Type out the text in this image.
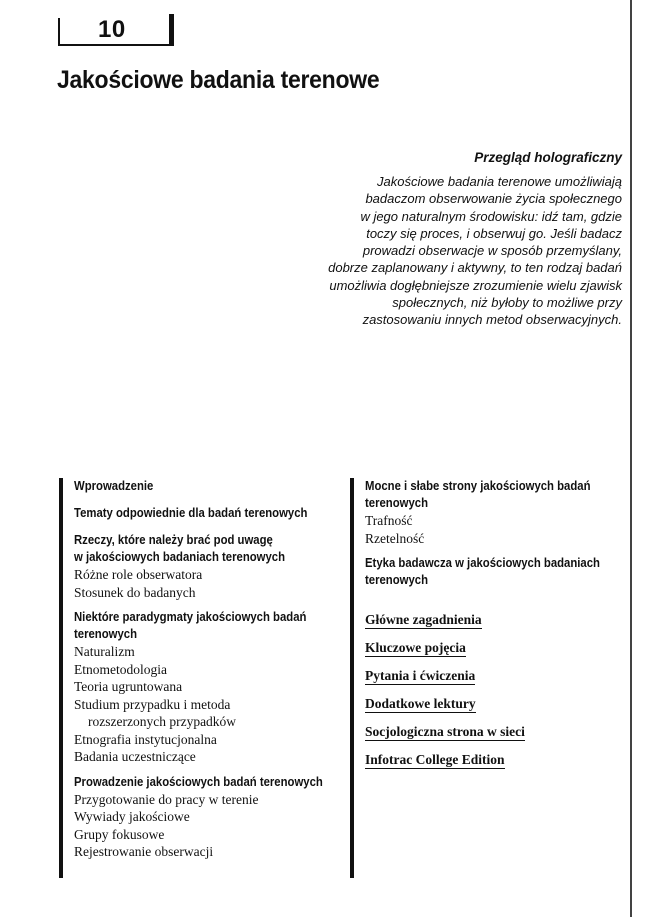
10
Jakościowe badania terenowe

Przegląd holograficzny

Jakościowe badania terenowe umożliwiają
badaczom obserwowanie życia społecznego
w jego naturalnym środowisku: idź tam, gdzie
toczy się proces, i obserwuj go. Jeśli badacz
prowadzi obserwacje w sposób przemyślany,
dobrze zaplanowany i aktywny, to ten rodzaj badań
umożliwia dogłębniejsze zrozumienie wielu zjawisk
społecznych, niż byłoby to możliwe przy
zastosowaniu innych metod obserwacyjnych.

Wprowadzenie

Tematy odpowiednie dla badań terenowych

Rzeczy, które należy brać pod uwagę

w jakościowych badaniach terenowych

Różne role obserwatora

Stosunek do badanych

Niektóre paradygmaty jakościowych badań

terenowych

Naturalizm

Etnometodologia

Teoria ugruntowana

Studium przypadku i metoda

rozszerzonych przypadków

Etnografia instytucjonalna

Badania uczestniczące

Prowadzenie jakościowych badań terenowych

Przygotowanie do pracy w terenie

Wywiady jakościowe

Grupy fokusowe

Rejestrowanie obserwacji

Mocne i słabe strony jakościowych badań

terenowych

Trafność

Rzetelność

Etyka badawcza w jakościowych badaniach

terenowych

Główne zagadnienia
Kluczowe pojęcia
Pytania i ćwiczenia
Dodatkowe lektury
Socjologiczna strona w sieci
Infotrac College Edition
